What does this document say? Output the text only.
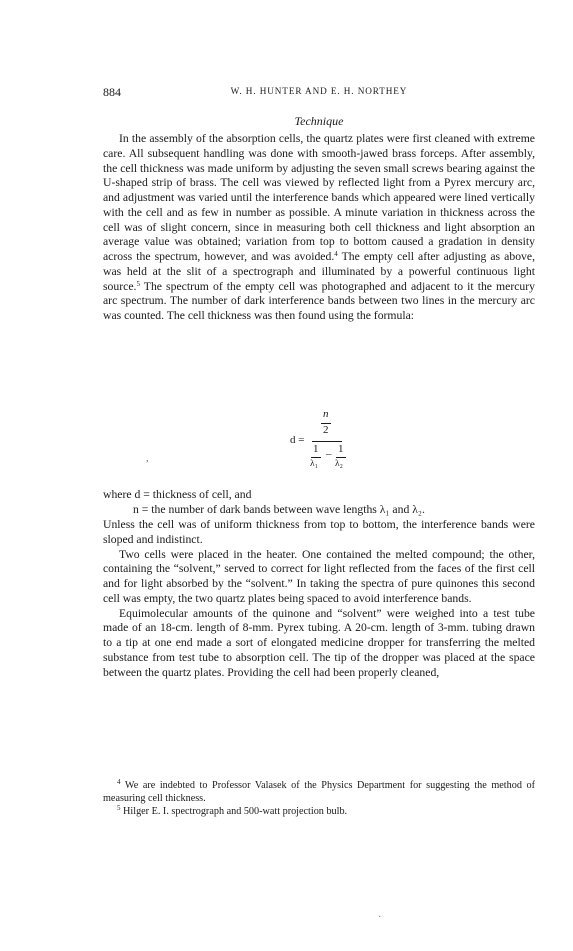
884	W. H. HUNTER AND E. H. NORTHEY
Technique

In the assembly of the absorption cells, the quartz plates were first cleaned with extreme care. All subsequent handling was done with smooth-jawed brass forceps. After assembly, the cell thickness was made uniform by adjusting the seven small screws bearing against the U-shaped strip of brass. The cell was viewed by reflected light from a Pyrex mercury arc, and adjustment was varied until the interference bands which appeared were lined vertically with the cell and as few in number as possible. A minute variation in thickness across the cell was of slight concern, since in measuring both cell thickness and light absorption an average value was obtained; variation from top to bottom caused a gradation in density across the spectrum, however, and was avoided.$^4$ The empty cell after adjusting as above, was held at the slit of a spectrograph and illuminated by a powerful continuous light source.$^5$ The spectrum of the empty cell was photographed and adjacent to it the mercury arc spectrum. The number of dark interference bands between two lines in the mercury arc was counted. The cell thickness was then found using the formula:

d =
n
2
1 – 1
λ₁ λ₂
,
where d = thickness of cell, and
n = the number of dark bands between wave lengths λ₁ and λ₂.

Unless the cell was of uniform thickness from top to bottom, the interference bands were sloped and indistinct.

Two cells were placed in the heater. One contained the melted compound; the other, containing the “solvent,” served to correct for light reflected from the faces of the first cell and for light absorbed by the “solvent.” In taking the spectra of pure quinones this second cell was empty, the two quartz plates being spaced to avoid interference bands.

Equimolecular amounts of the quinone and “solvent” were weighed into a test tube made of an 18-cm. length of 8-mm. Pyrex tubing. A 20-cm. length of 3-mm. tubing drawn to a tip at one end made a sort of elongated medicine dropper for transferring the melted substance from test tube to absorption cell. The tip of the dropper was placed at the space between the quartz plates. Providing the cell had been properly cleaned,

$^4$ We are indebted to Professor Valasek of the Physics Department for suggesting the method of measuring cell thickness.

$^5$ Hilger E. I. spectrograph and 500-watt projection bulb.

·
